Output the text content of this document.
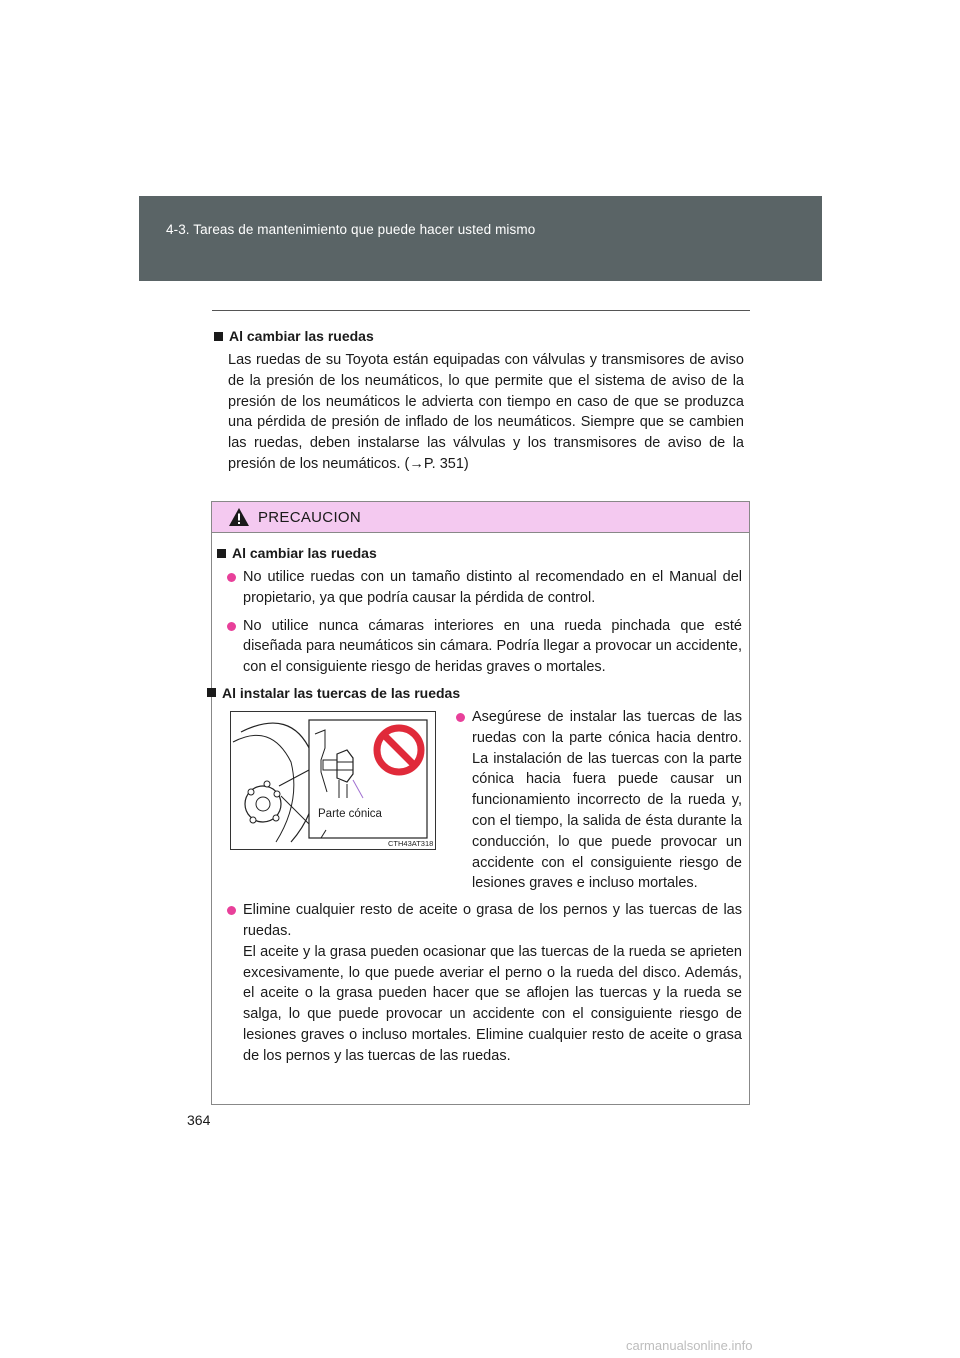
4-3. Tareas de mantenimiento que puede hacer usted mismo
Al cambiar las ruedas
Las ruedas de su Toyota están equipadas con válvulas y transmisores de aviso de la presión de los neumáticos, lo que permite que el sistema de aviso de la presión de los neumáticos le advierta con tiempo en caso de que se produzca una pérdida de presión de inflado de los neumáticos. Siempre que se cambien las ruedas, deben instalarse las válvulas y los transmisores de aviso de la presión de los neumáticos. (→P. 351)
PRECAUCION
Al cambiar las ruedas
No utilice ruedas con un tamaño distinto al recomendado en el Manual del propietario, ya que podría causar la pérdida de control.
No utilice nunca cámaras interiores en una rueda pinchada que esté diseñada para neumáticos sin cámara. Podría llegar a provocar un accidente, con el consiguiente riesgo de heridas graves o mortales.
Al instalar las tuercas de las ruedas
Parte cónica
CTH43AT318
Asegúrese de instalar las tuercas de las ruedas con la parte cónica hacia dentro. La instalación de las tuercas con la parte cónica hacia fuera puede causar un funcionamiento incorrecto de la rueda y, con el tiempo, la salida de ésta durante la conducción, lo que puede provocar un accidente con el consiguiente riesgo de lesiones graves e incluso mortales.
Elimine cualquier resto de aceite o grasa de los pernos y las tuercas de las ruedas.
El aceite y la grasa pueden ocasionar que las tuercas de la rueda se aprieten excesivamente, lo que puede averiar el perno o la rueda del disco. Además, el aceite o la grasa pueden hacer que se aflojen las tuercas y la rueda se salga, lo que puede provocar un accidente con el consiguiente riesgo de lesiones graves o incluso mortales. Elimine cualquier resto de aceite o grasa de los pernos y las tuercas de las ruedas.
364
carmanualsonline.info
